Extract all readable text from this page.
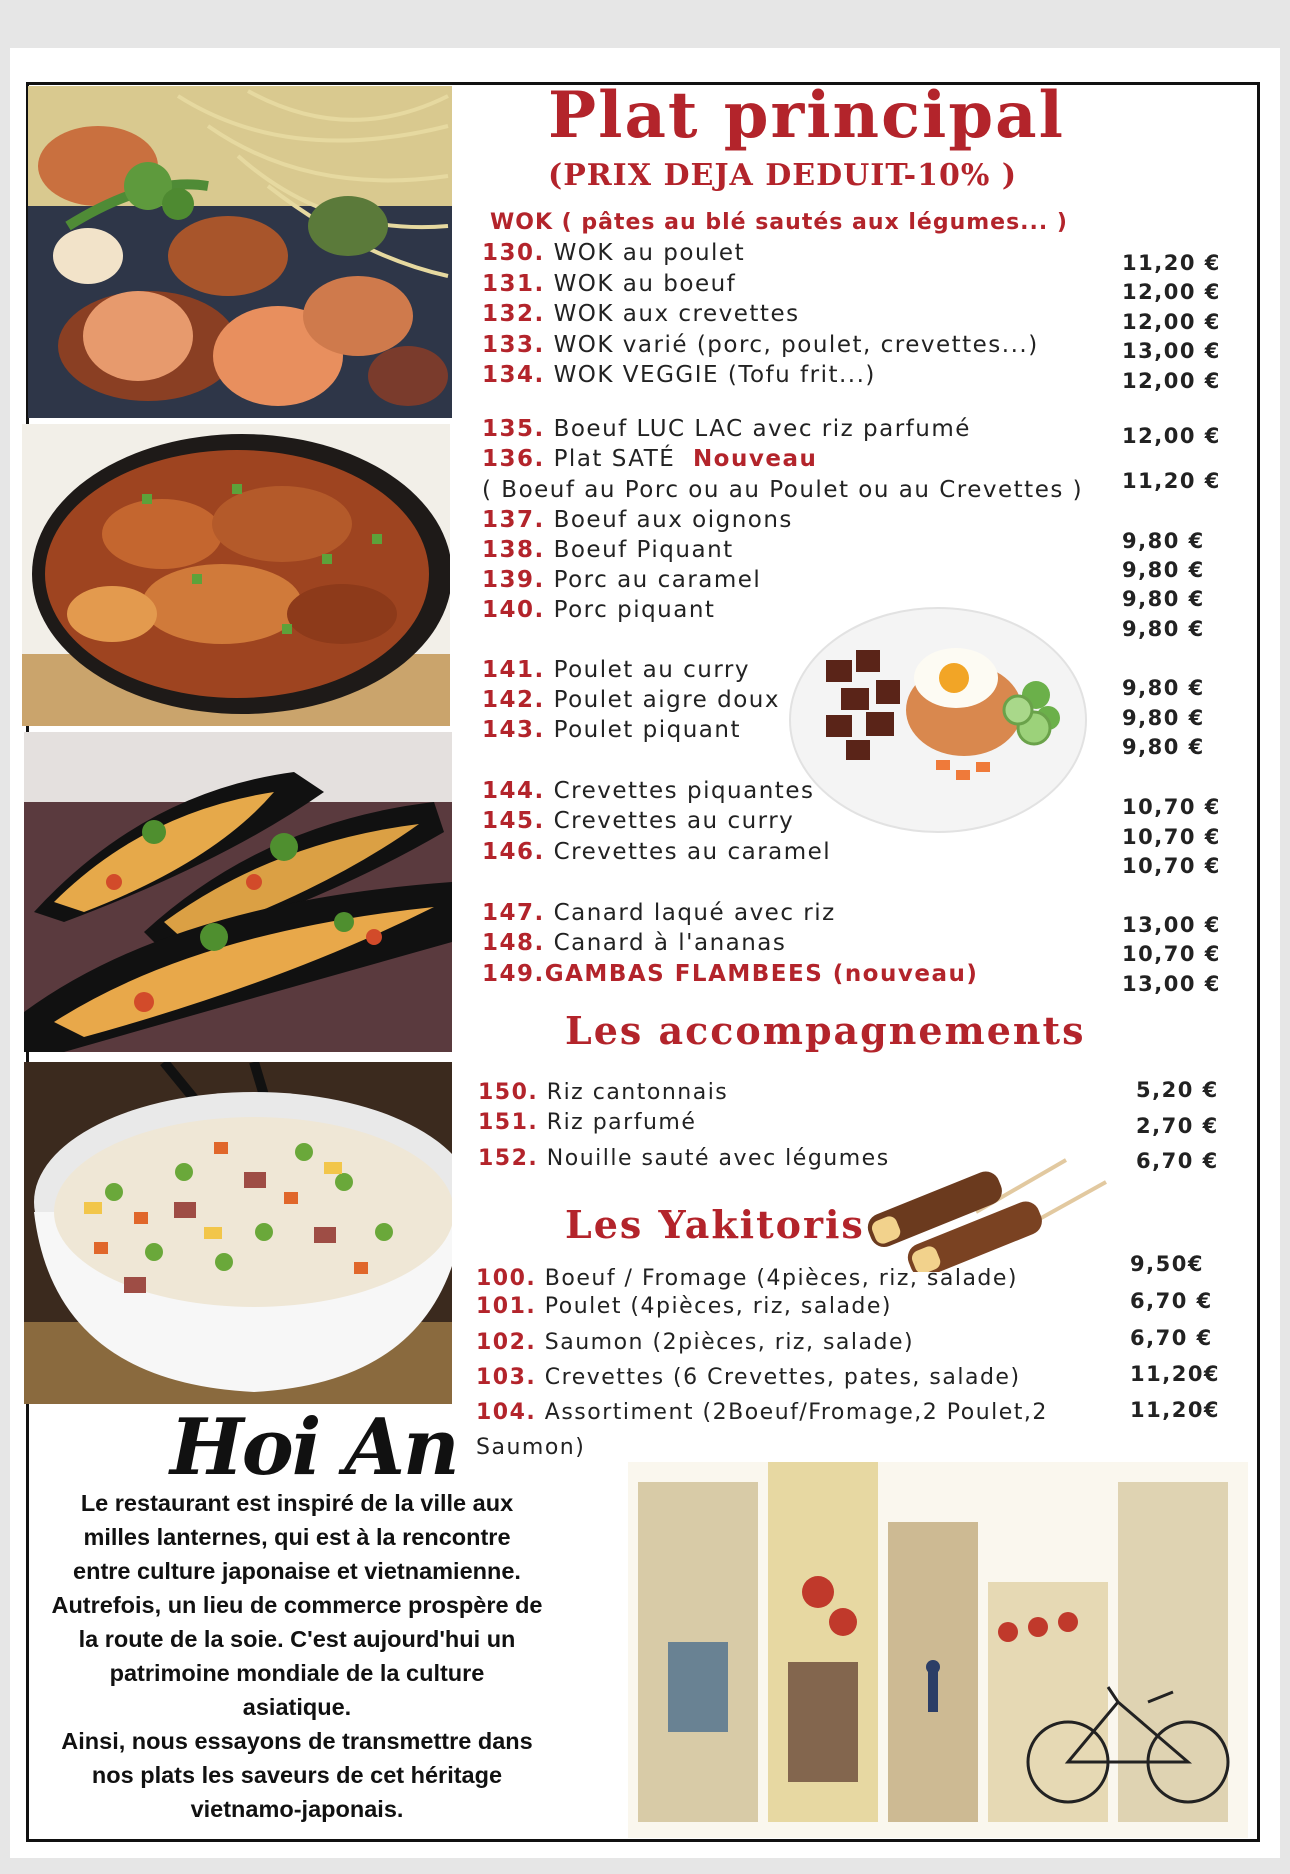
Plat principal
(PRIX DEJA DEDUIT-10% )
WOK ( pâtes au blé sautés aux légumes... )
130. WOK au poulet
131. WOK au boeuf
132. WOK aux crevettes
133. WOK varié (porc, poulet, crevettes...)
134. WOK VEGGIE (Tofu frit...)
135. Boeuf LUC LAC avec riz parfumé
136. Plat SATÉ Nouveau
( Boeuf au Porc ou au Poulet ou au Crevettes )
137. Boeuf aux oignons
138. Boeuf Piquant
139. Porc au caramel
140. Porc piquant
141. Poulet au curry
142. Poulet aigre doux
143. Poulet piquant
144. Crevettes piquantes
145. Crevettes au curry
146. Crevettes au caramel
147. Canard laqué avec riz
148. Canard à l'ananas
149.GAMBAS FLAMBEES (nouveau)
11,20 €
12,00 €
12,00 €
13,00 €
12,00 €
12,00 €
11,20 €
9,80 €
9,80 €
9,80 €
9,80 €
9,80 €
9,80 €
9,80 €
10,70 €
10,70 €
10,70 €
13,00 €
10,70 €
13,00 €
Les accompagnements
150. Riz cantonnais
151. Riz parfumé
152. Nouille sauté avec légumes
5,20 €
2,70 €
6,70 €
Les Yakitoris
100. Boeuf / Fromage (4pièces, riz, salade)
101. Poulet (4pièces, riz, salade)
102. Saumon (2pièces, riz, salade)
103. Crevettes (6 Crevettes, pates, salade)
104. Assortiment (2Boeuf/Fromage,2 Poulet,2
Saumon)
9,50€
6,70 €
6,70 €
11,20€
11,20€
Hoi An
Le restaurant est inspiré de la ville aux
milles lanternes, qui est à la rencontre
entre culture japonaise et vietnamienne.
Autrefois, un lieu de commerce prospère de
la route de la soie. C'est aujourd'hui un
patrimoine mondiale de la culture
asiatique.
Ainsi, nous essayons de transmettre dans
nos plats les saveurs de cet héritage
vietnamo-japonais.
